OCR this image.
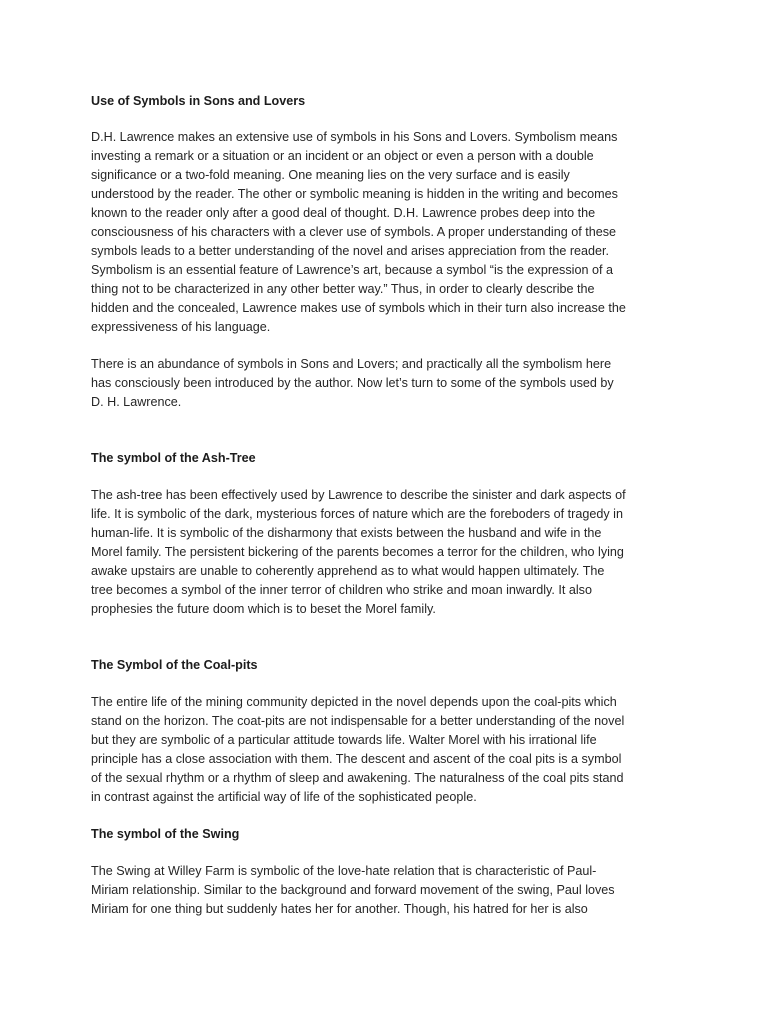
Use of Symbols in Sons and Lovers

D.H. Lawrence makes an extensive use of symbols in his Sons and Lovers. Symbolism means
investing a remark or a situation or an incident or an object or even a person with a double
significance or a two-fold meaning. One meaning lies on the very surface and is easily
understood by the reader. The other or symbolic meaning is hidden in the writing and becomes
known to the reader only after a good deal of thought. D.H. Lawrence probes deep into the
consciousness of his characters with a clever use of symbols. A proper understanding of these
symbols leads to a better understanding of the novel and arises appreciation from the reader.
Symbolism is an essential feature of Lawrence’s art, because a symbol “is the expression of a
thing not to be characterized in any other better way.” Thus, in order to clearly describe the
hidden and the concealed, Lawrence makes use of symbols which in their turn also increase the
expressiveness of his language.

There is an abundance of symbols in Sons and Lovers; and practically all the symbolism here
has consciously been introduced by the author. Now let’s turn to some of the symbols used by
D. H. Lawrence.

The symbol of the Ash-Tree

The ash-tree has been effectively used by Lawrence to describe the sinister and dark aspects of
life. It is symbolic of the dark, mysterious forces of nature which are the foreboders of tragedy in
human-life. It is symbolic of the disharmony that exists between the husband and wife in the
Morel family. The persistent bickering of the parents becomes a terror for the children, who lying
awake upstairs are unable to coherently apprehend as to what would happen ultimately. The
tree becomes a symbol of the inner terror of children who strike and moan inwardly. It also
prophesies the future doom which is to beset the Morel family.

The Symbol of the Coal-pits

The entire life of the mining community depicted in the novel depends upon the coal-pits which
stand on the horizon. The coat-pits are not indispensable for a better understanding of the novel
but they are symbolic of a particular attitude towards life. Walter Morel with his irrational life
principle has a close association with them. The descent and ascent of the coal pits is a symbol
of the sexual rhythm or a rhythm of sleep and awakening. The naturalness of the coal pits stand
in contrast against the artificial way of life of the sophisticated people.

The symbol of the Swing

The Swing at Willey Farm is symbolic of the love-hate relation that is characteristic of Paul-
Miriam relationship. Similar to the background and forward movement of the swing, Paul loves
Miriam for one thing but suddenly hates her for another. Though, his hatred for her is also
